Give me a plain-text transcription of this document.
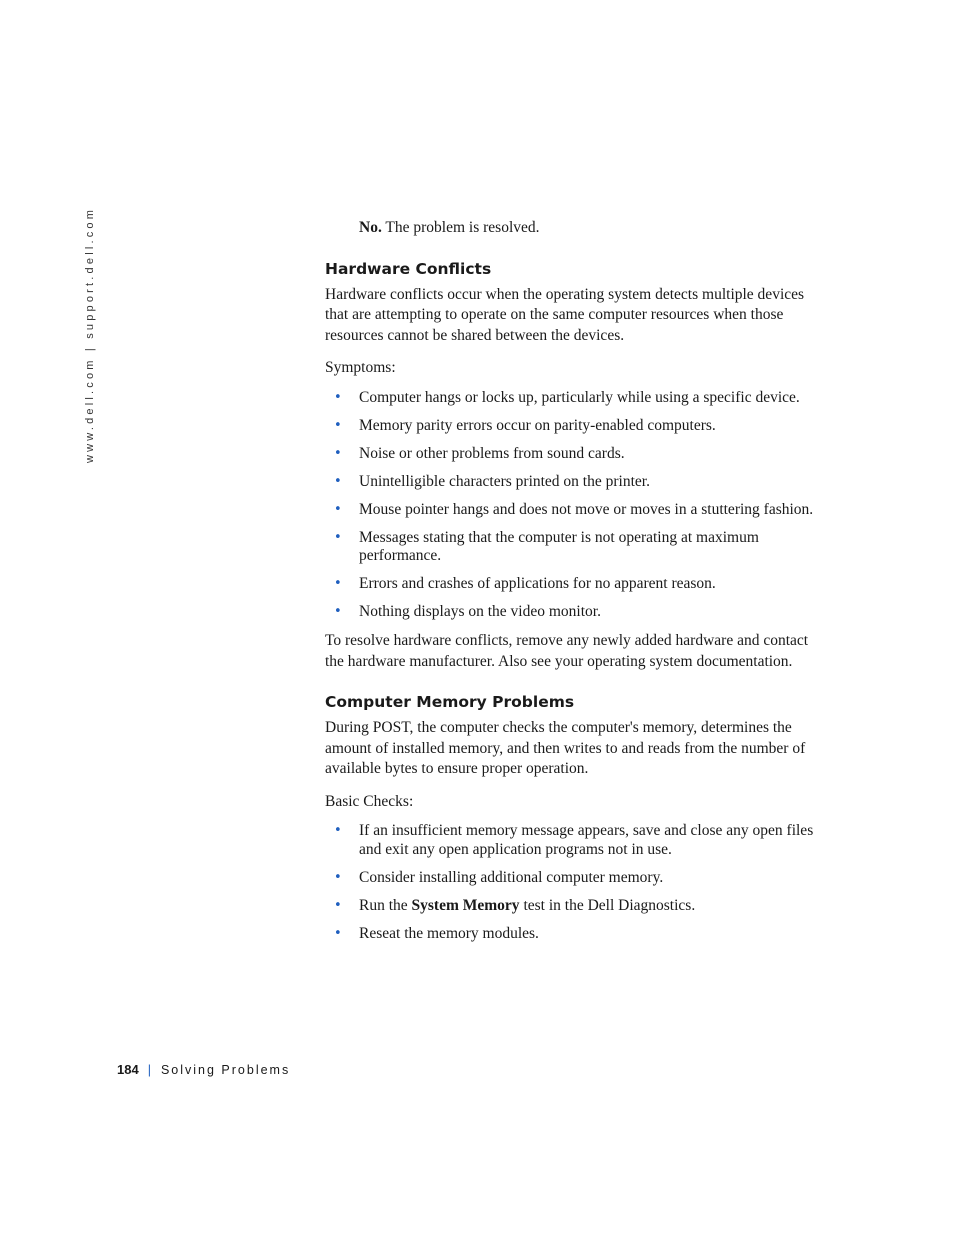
www.dell.com | support.dell.com	No. The problem is resolved.

Hardware Conflicts

Hardware conflicts occur when the operating system detects multiple devices that are attempting to operate on the same computer resources when those resources cannot be shared between the devices.

Symptoms:

• Computer hangs or locks up, particularly while using a specific device.
• Memory parity errors occur on parity-enabled computers.
• Noise or other problems from sound cards.
• Unintelligible characters printed on the printer.
• Mouse pointer hangs and does not move or moves in a stuttering fashion.
• Messages stating that the computer is not operating at maximum performance.
• Errors and crashes of applications for no apparent reason.
• Nothing displays on the video monitor.

To resolve hardware conflicts, remove any newly added hardware and contact the hardware manufacturer. Also see your operating system documentation.

Computer Memory Problems

During POST, the computer checks the computer's memory, determines the amount of installed memory, and then writes to and reads from the number of available bytes to ensure proper operation.

Basic Checks:

• If an insufficient memory message appears, save and close any open files and exit any open application programs not in use.
• Consider installing additional computer memory.
• Run the System Memory test in the Dell Diagnostics.
• Reseat the memory modules.
184 | Solving Problems
